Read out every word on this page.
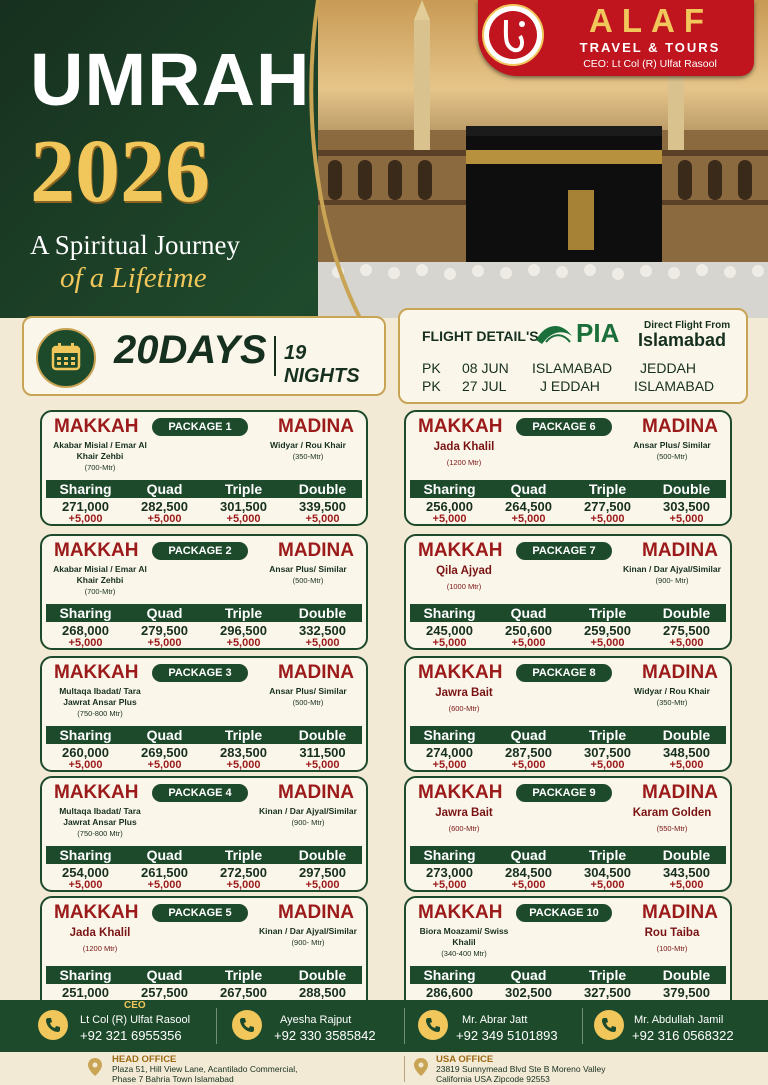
UMRAH
2026
A Spiritual Journey
of a Lifetime
ALAF
TRAVEL & TOURS
CEO: Lt Col (R) Ulfat Rasool
20DAYS 19 NIGHTS
FLIGHT DETAIL'S PIA Direct Flight From
Islamabad
PK 08 JUN ISLAMABAD JEDDAH
PK 27 JUL J EDDAH ISLAMABAD
MAKKAH	PACKAGE 1	MADINA
Akabar Misial / Emar Al Khair Zehbi
(700-Mtr)
Widyar / Rou Khair
(350-Mtr)
Sharing	Quad	Triple	Double
271,000	282,500	301,500	339,500
+5,000	+5,000	+5,000	+5,000
MAKKAH	PACKAGE 2	MADINA
Akabar Misial / Emar Al Khair Zehbi
(700-Mtr)
Ansar Plus/ Similar
(500-Mtr)
Sharing	Quad	Triple	Double
268,000	279,500	296,500	332,500
+5,000	+5,000	+5,000	+5,000
MAKKAH	PACKAGE 3	MADINA
Multaqa Ibadat/ Tara Jawrat Ansar Plus
(750-800 Mtr)
Ansar Plus/ Similar
(500-Mtr)
Sharing	Quad	Triple	Double
260,000	269,500	283,500	311,500
+5,000	+5,000	+5,000	+5,000
MAKKAH	PACKAGE 4	MADINA
Multaqa Ibadat/ Tara Jawrat Ansar Plus
(750-800 Mtr)
Kinan / Dar Ajyal/Similar
(900- Mtr)
Sharing	Quad	Triple	Double
254,000	261,500	272,500	297,500
+5,000	+5,000	+5,000	+5,000
MAKKAH	PACKAGE 5	MADINA
Jada Khalil
(1200 Mtr)
Kinan / Dar Ajyal/Similar
(900- Mtr)
Sharing	Quad	Triple	Double
251,000	257,500	267,500	288,500
MAKKAH	PACKAGE 6	MADINA
Jada Khalil
(1200 Mtr)
Ansar Plus/ Similar
(500-Mtr)
Sharing	Quad	Triple	Double
256,000	264,500	277,500	303,500
+5,000	+5,000	+5,000	+5,000
MAKKAH	PACKAGE 7	MADINA
Qila Ajyad
(1000 Mtr)
Kinan / Dar Ajyal/Similar
(900- Mtr)
Sharing	Quad	Triple	Double
245,000	250,600	259,500	275,500
+5,000	+5,000	+5,000	+5,000
MAKKAH	PACKAGE 8	MADINA
Jawra Bait
(600-Mtr)
Widyar / Rou Khair
(350-Mtr)
Sharing	Quad	Triple	Double
274,000	287,500	307,500	348,500
+5,000	+5,000	+5,000	+5,000
MAKKAH	PACKAGE 9	MADINA
Jawra Bait
(600-Mtr)
Karam Golden
(550-Mtr)
Sharing	Quad	Triple	Double
273,000	284,500	304,500	343,500
+5,000	+5,000	+5,000	+5,000
MAKKAH	PACKAGE 10	MADINA
Biora Moazami/ Swiss Khalil
(340-400 Mtr)
Rou Taiba
(100-Mtr)
Sharing	Quad	Triple	Double
286,600	302,500	327,500	379,500
CEO
Lt Col (R) Ulfat Rasool
+92 321 6955356
Ayesha Rajput
+92 330 3585842
Mr. Abrar Jatt
+92 349 5101893
Mr. Abdullah Jamil
+92 316 0568322
HEAD OFFICE
Plaza 51, Hill View Lane, Acantilado Commercial,
Phase 7 Bahria Town Islamabad
USA OFFICE
23819 Sunnymead Blvd Ste B Moreno Valley
California USA Zipcode 92553
